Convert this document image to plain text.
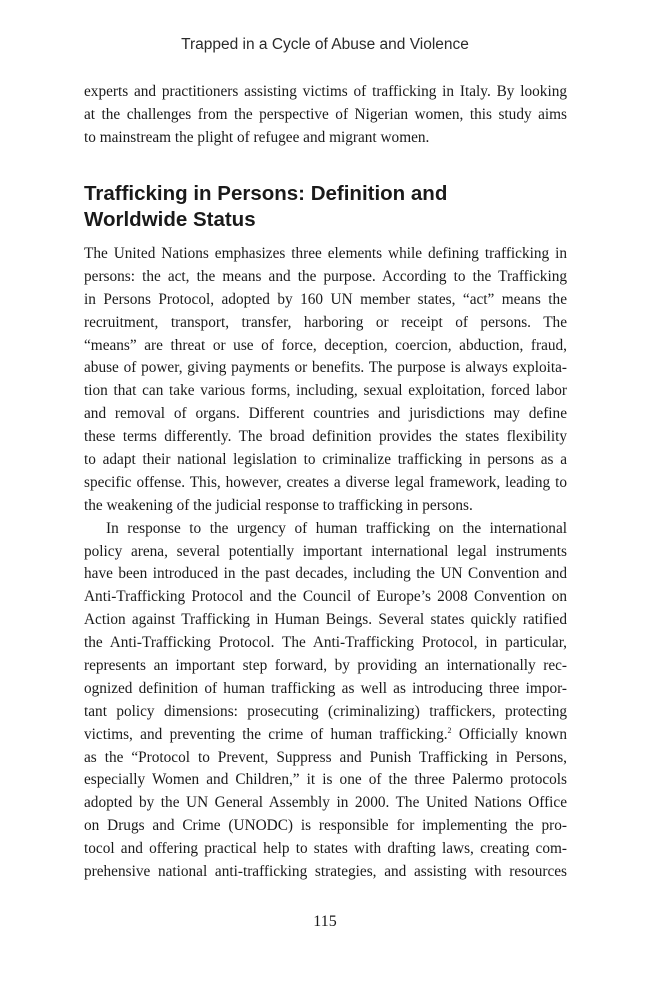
Trapped in a Cycle of Abuse and Violence
experts and practitioners assisting victims of trafficking in Italy. By looking
at the challenges from the perspective of Nigerian women, this study aims
to mainstream the plight of refugee and migrant women.
Trafficking in Persons: Definition and
Worldwide Status
The United Nations emphasizes three elements while defining trafficking in
persons: the act, the means and the purpose. According to the Trafficking
in Persons Protocol, adopted by 160 UN member states, “act” means the
recruitment, transport, transfer, harboring or receipt of persons. The
“means” are threat or use of force, deception, coercion, abduction, fraud,
abuse of power, giving payments or benefits. The purpose is always exploita-
tion that can take various forms, including, sexual exploitation, forced labor
and removal of organs. Different countries and jurisdictions may define
these terms differently. The broad definition provides the states flexibility
to adapt their national legislation to criminalize trafficking in persons as a
specific offense. This, however, creates a diverse legal framework, leading to
the weakening of the judicial response to trafficking in persons.
In response to the urgency of human trafficking on the international
policy arena, several potentially important international legal instruments
have been introduced in the past decades, including the UN Convention and
Anti-Trafficking Protocol and the Council of Europe’s 2008 Convention on
Action against Trafficking in Human Beings. Several states quickly ratified
the Anti-Trafficking Protocol. The Anti-Trafficking Protocol, in particular,
represents an important step forward, by providing an internationally rec-
ognized definition of human trafficking as well as introducing three impor-
tant policy dimensions: prosecuting (criminalizing) traffickers, protecting
victims, and preventing the crime of human trafficking.$^2$ Officially known
as the “Protocol to Prevent, Suppress and Punish Trafficking in Persons,
especially Women and Children,” it is one of the three Palermo protocols
adopted by the UN General Assembly in 2000. The United Nations Office
on Drugs and Crime (UNODC) is responsible for implementing the pro-
tocol and offering practical help to states with drafting laws, creating com-
prehensive national anti-trafficking strategies, and assisting with resources
115
